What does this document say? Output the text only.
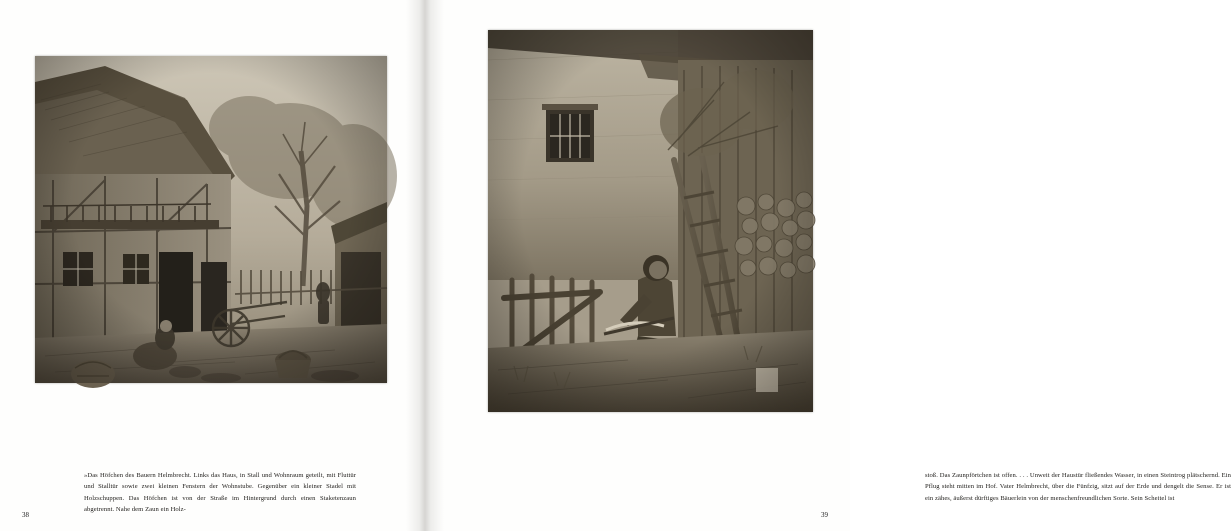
»Das Höfchen des Bauern Helmbrecht. Links das Haus, in Stall und Wohnraum geteilt, mit Fluttür und Stalltür sowie zwei kleinen Fenstern der Wohnstube. Gegenüber ein kleiner Stadel mit Holzschuppen. Das Höfchen ist von der Straße im Hintergrund durch einen Staketenzaun abgetrennt. Nahe dem Zaun ein Holz-
38
stoß. Das Zaunpförtchen ist offen. . . . Unweit der Haustür fließendes Wasser, in einen Steintrog plätschernd. Ein Pflug steht mitten im Hof. Vater Helmbrecht, über die Fünfzig, sitzt auf der Erde und dengelt die Sense. Er ist ein zähes, äußerst dürftiges Bäuerlein von der menschenfreundlichen Sorte. Sein Scheitel ist
39
